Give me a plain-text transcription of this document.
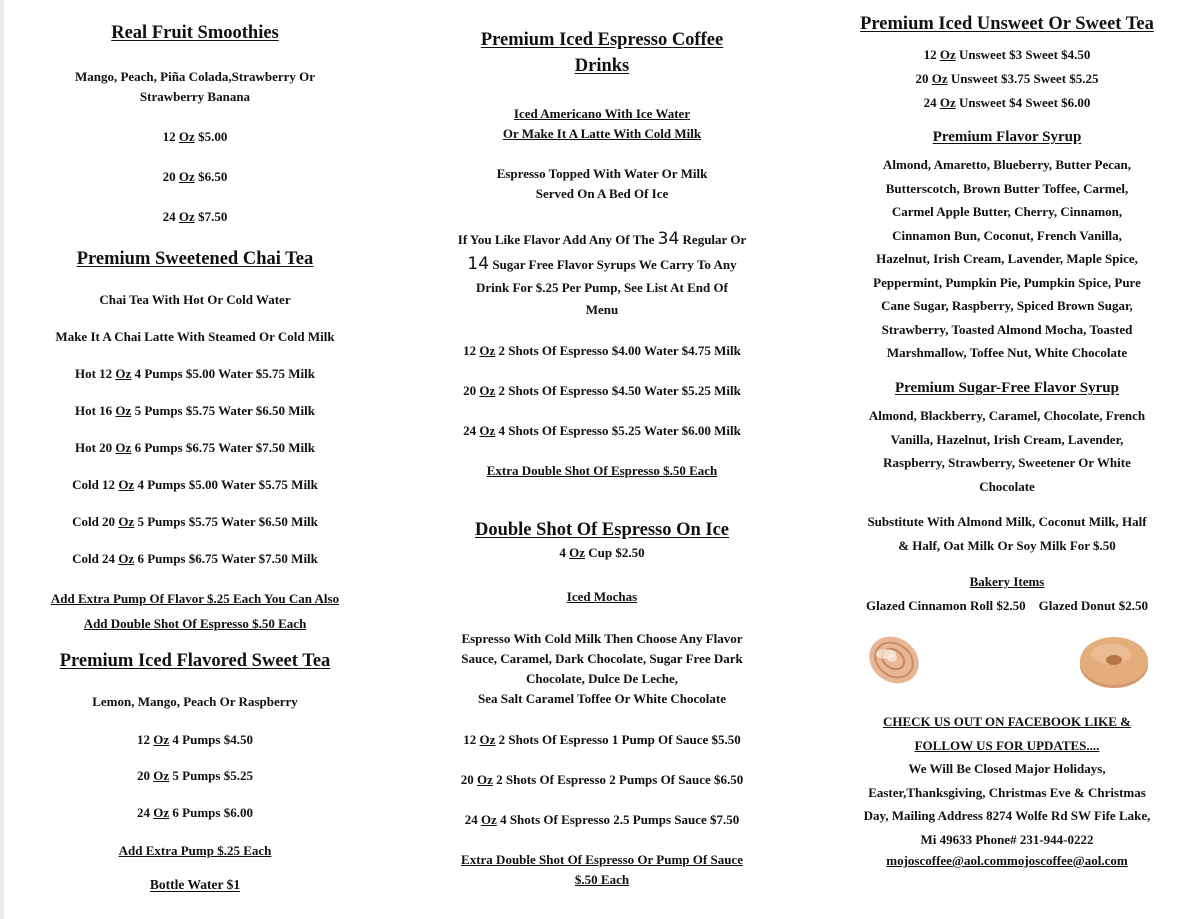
Real Fruit Smoothies

Mango, Peach, Piña Colada,Strawberry Or

Strawberry Banana

12 Oz $5.00

20 Oz $6.50

24 Oz $7.50

Premium Sweetened Chai Tea

Chai Tea With Hot Or Cold Water

Make It A Chai Latte With Steamed Or Cold Milk

Hot 12 Oz 4 Pumps $5.00 Water $5.75 Milk

Hot 16 Oz 5 Pumps $5.75 Water $6.50 Milk

Hot 20 Oz 6 Pumps $6.75 Water $7.50 Milk

Cold 12 Oz 4 Pumps $5.00 Water $5.75 Milk

Cold 20 Oz 5 Pumps $5.75 Water $6.50 Milk

Cold 24 Oz 6 Pumps $6.75 Water $7.50 Milk

Add Extra Pump Of Flavor $.25 Each You Can Also

Add Double Shot Of Espresso $.50 Each

Premium Iced Flavored Sweet Tea

Lemon, Mango, Peach Or Raspberry

12 Oz 4 Pumps $4.50

20 Oz 5 Pumps $5.25

24 Oz 6 Pumps $6.00

Add Extra Pump $.25 Each

Bottle Water $1

Premium Iced Espresso Coffee

Drinks

Iced Americano With Ice Water

Or Make It A Latte With Cold Milk

Espresso Topped With Water Or Milk

Served On A Bed Of Ice

If You Like Flavor Add Any Of The 34 Regular Or

14 Sugar Free Flavor Syrups We Carry To Any

Drink For $.25 Per Pump, See List At End Of

Menu

12 Oz 2 Shots Of Espresso $4.00 Water $4.75 Milk

20 Oz 2 Shots Of Espresso $4.50 Water $5.25 Milk

24 Oz 4 Shots Of Espresso $5.25 Water $6.00 Milk

Extra Double Shot Of Espresso $.50 Each

Double Shot Of Espresso On Ice

4 Oz Cup $2.50

Iced Mochas

Espresso With Cold Milk Then Choose Any Flavor

Sauce, Caramel, Dark Chocolate, Sugar Free Dark

Chocolate, Dulce De Leche,

Sea Salt Caramel Toffee Or White Chocolate

12 Oz 2 Shots Of Espresso 1 Pump Of Sauce $5.50

20 Oz 2 Shots Of Espresso 2 Pumps Of Sauce $6.50

24 Oz 4 Shots Of Espresso 2.5 Pumps Sauce $7.50

Extra Double Shot Of Espresso Or Pump Of Sauce

$.50 Each

Premium Iced Unsweet Or Sweet Tea

12 Oz Unsweet $3 Sweet $4.50

20 Oz Unsweet $3.75 Sweet $5.25

24 Oz Unsweet $4 Sweet $6.00

Premium Flavor Syrup

Almond, Amaretto, Blueberry, Butter Pecan,

Butterscotch, Brown Butter Toffee, Carmel,

Carmel Apple Butter, Cherry, Cinnamon,

Cinnamon Bun, Coconut, French Vanilla,

Hazelnut, Irish Cream, Lavender, Maple Spice,

Peppermint, Pumpkin Pie, Pumpkin Spice, Pure

Cane Sugar, Raspberry, Spiced Brown Sugar,

Strawberry, Toasted Almond Mocha, Toasted

Marshmallow, Toffee Nut, White Chocolate

Premium Sugar-Free Flavor Syrup

Almond, Blackberry, Caramel, Chocolate, French

Vanilla, Hazelnut, Irish Cream, Lavender,

Raspberry, Strawberry, Sweetener Or White

Chocolate

Substitute With Almond Milk, Coconut Milk, Half

& Half, Oat Milk Or Soy Milk For $.50

Bakery Items

Glazed Cinnamon Roll $2.50 Glazed Donut $2.50

CHECK US OUT ON FACEBOOK LIKE &

FOLLOW US FOR UPDATES....

We Will Be Closed Major Holidays,

Easter,Thanksgiving, Christmas Eve & Christmas

Day, Mailing Address 8274 Wolfe Rd SW Fife Lake,

Mi 49633 Phone# 231-944-0222

mojoscoffee@aol.commojoscoffee@aol.com
